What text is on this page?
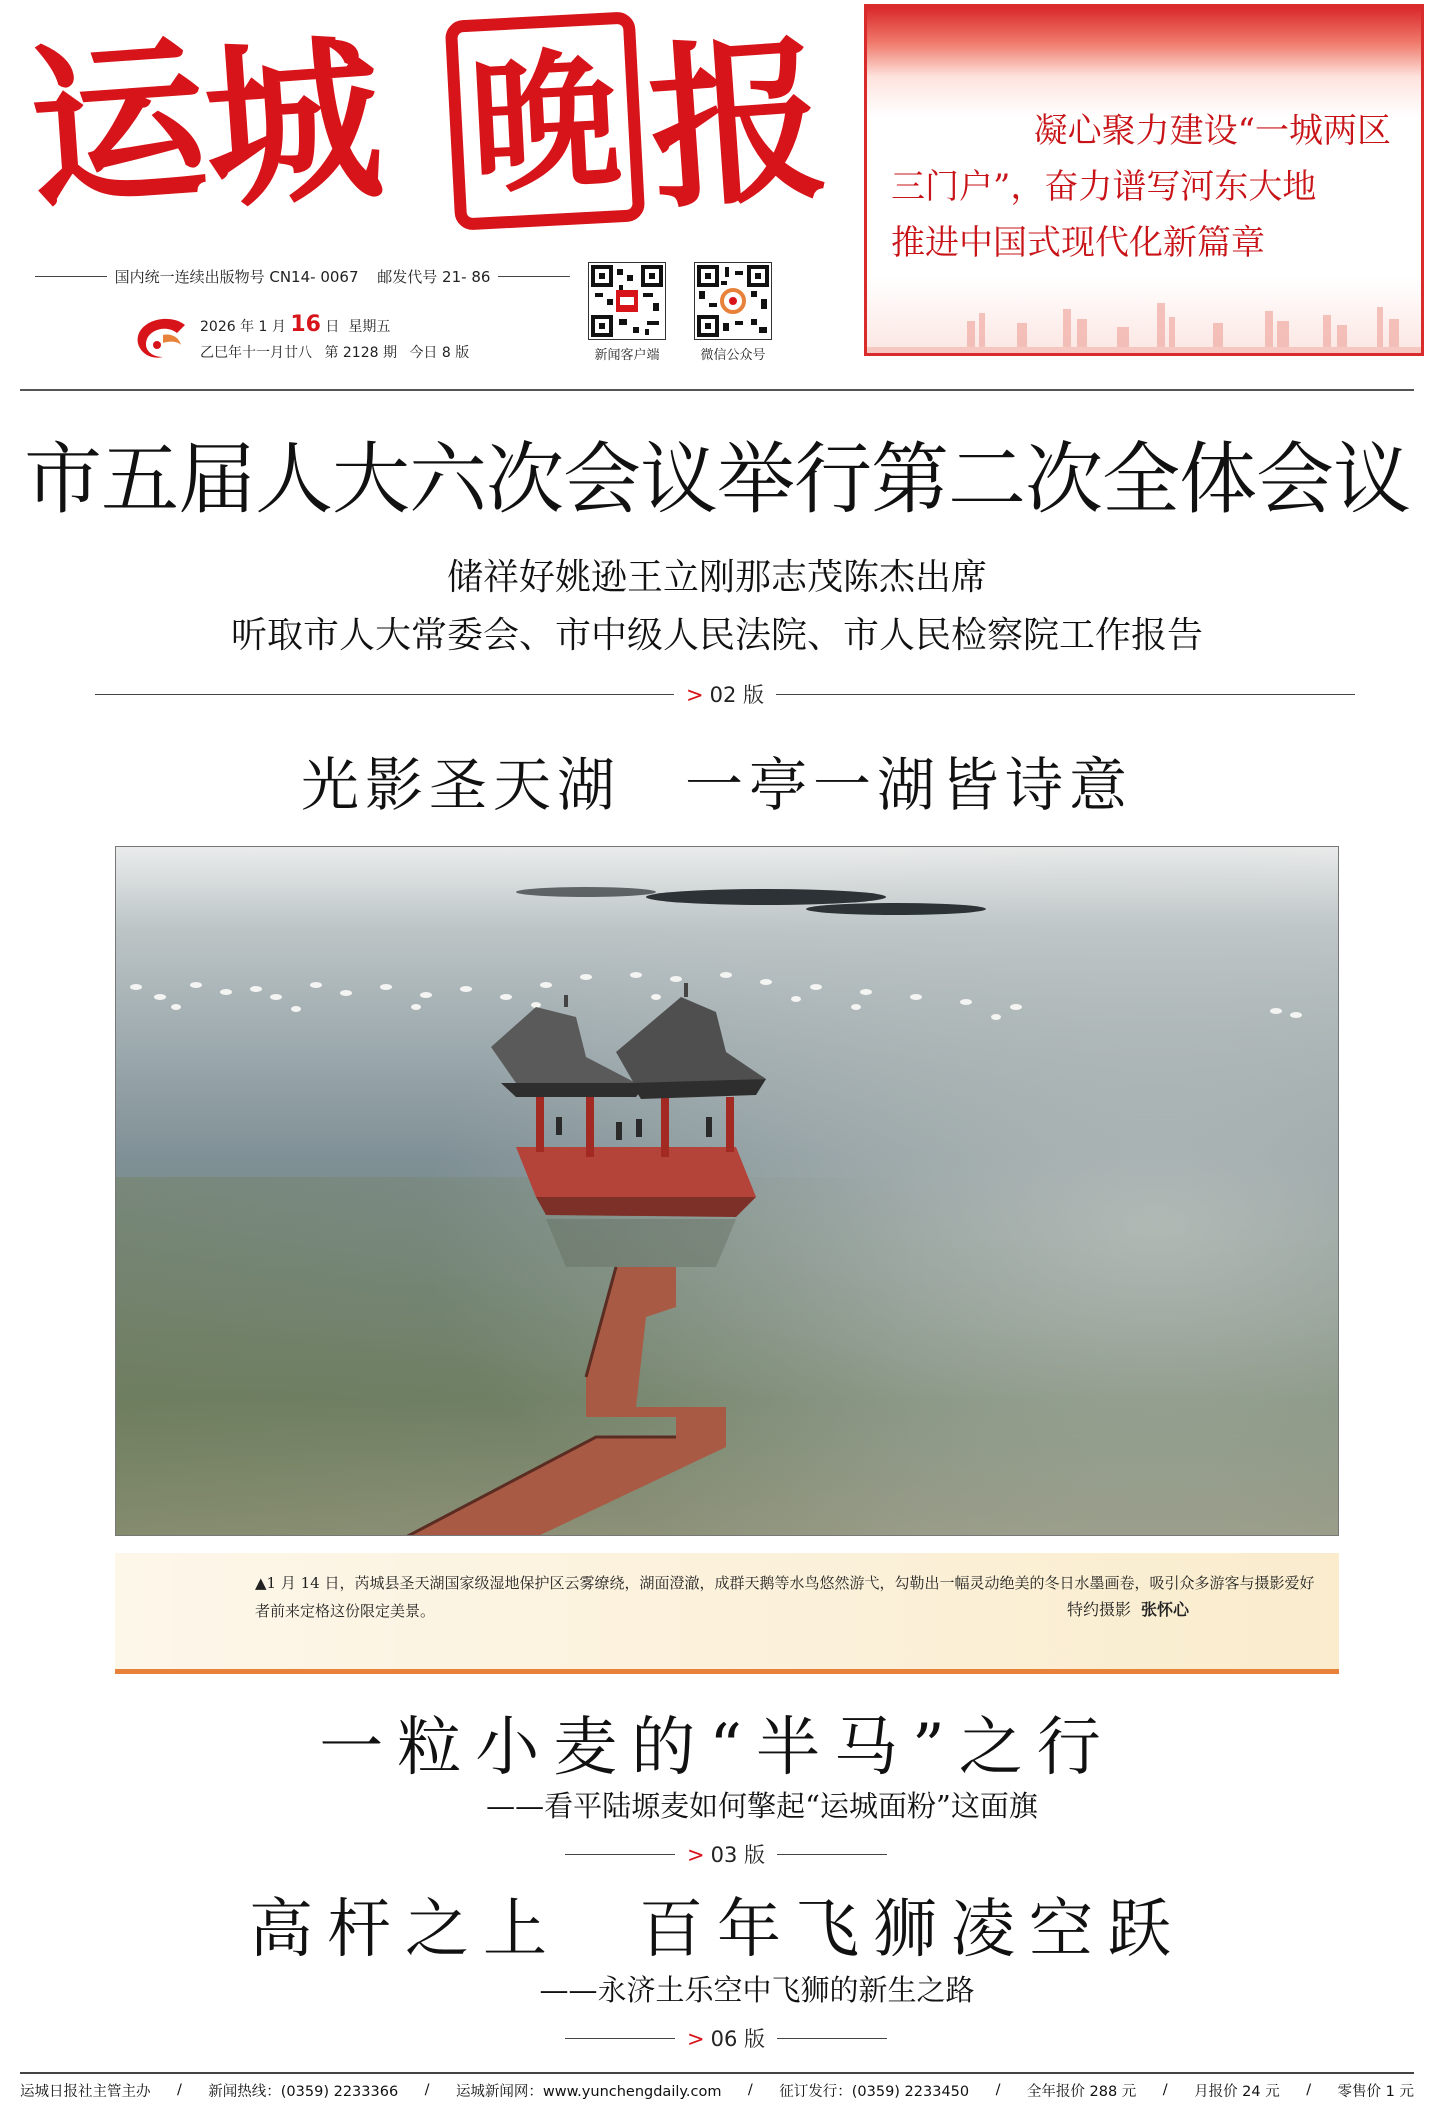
运
城 晚 报
国内统一连续出版物号 CN14- 0067 邮发代号 21- 86
2026 年 1 月 16 日 星期五
乙巳年十一月廿八 第 2128 期 今日 8 版	新闻客户端	微信公众号
凝心聚力建设“一城两区
三门户”，奋力谱写河东大地
推进中国式现代化新篇章
市五届人大六次会议举行第二次全体会议
储祥好姚逊王立刚那志茂陈杰出席
听取市人大常委会、市中级人民法院、市人民检察院工作报告
> 02 版
光影圣天湖　一亭一湖皆诗意
▲1 月 14 日，芮城县圣天湖国家级湿地保护区云雾缭绕，湖面澄澈，成群天鹅等水鸟悠然游弋，勾勒出一幅灵动绝美的冬日水墨画卷，吸引众多游客与摄影爱好者前来定格这份限定美景。	特约摄影 张怀心
一粒小麦的“半马”之行
——看平陆塬麦如何擎起“运城面粉”这面旗
> 03 版
高杆之上　百年飞狮凌空跃
——永济土乐空中飞狮的新生之路
> 06 版
运城日报社主管主办 / 新闻热线：(0359) 2233366 / 运城新闻网：www.yunchengdaily.com / 征订发行：(0359) 2233450 / 全年报价 288 元 / 月报价 24 元 / 零售价 1 元
